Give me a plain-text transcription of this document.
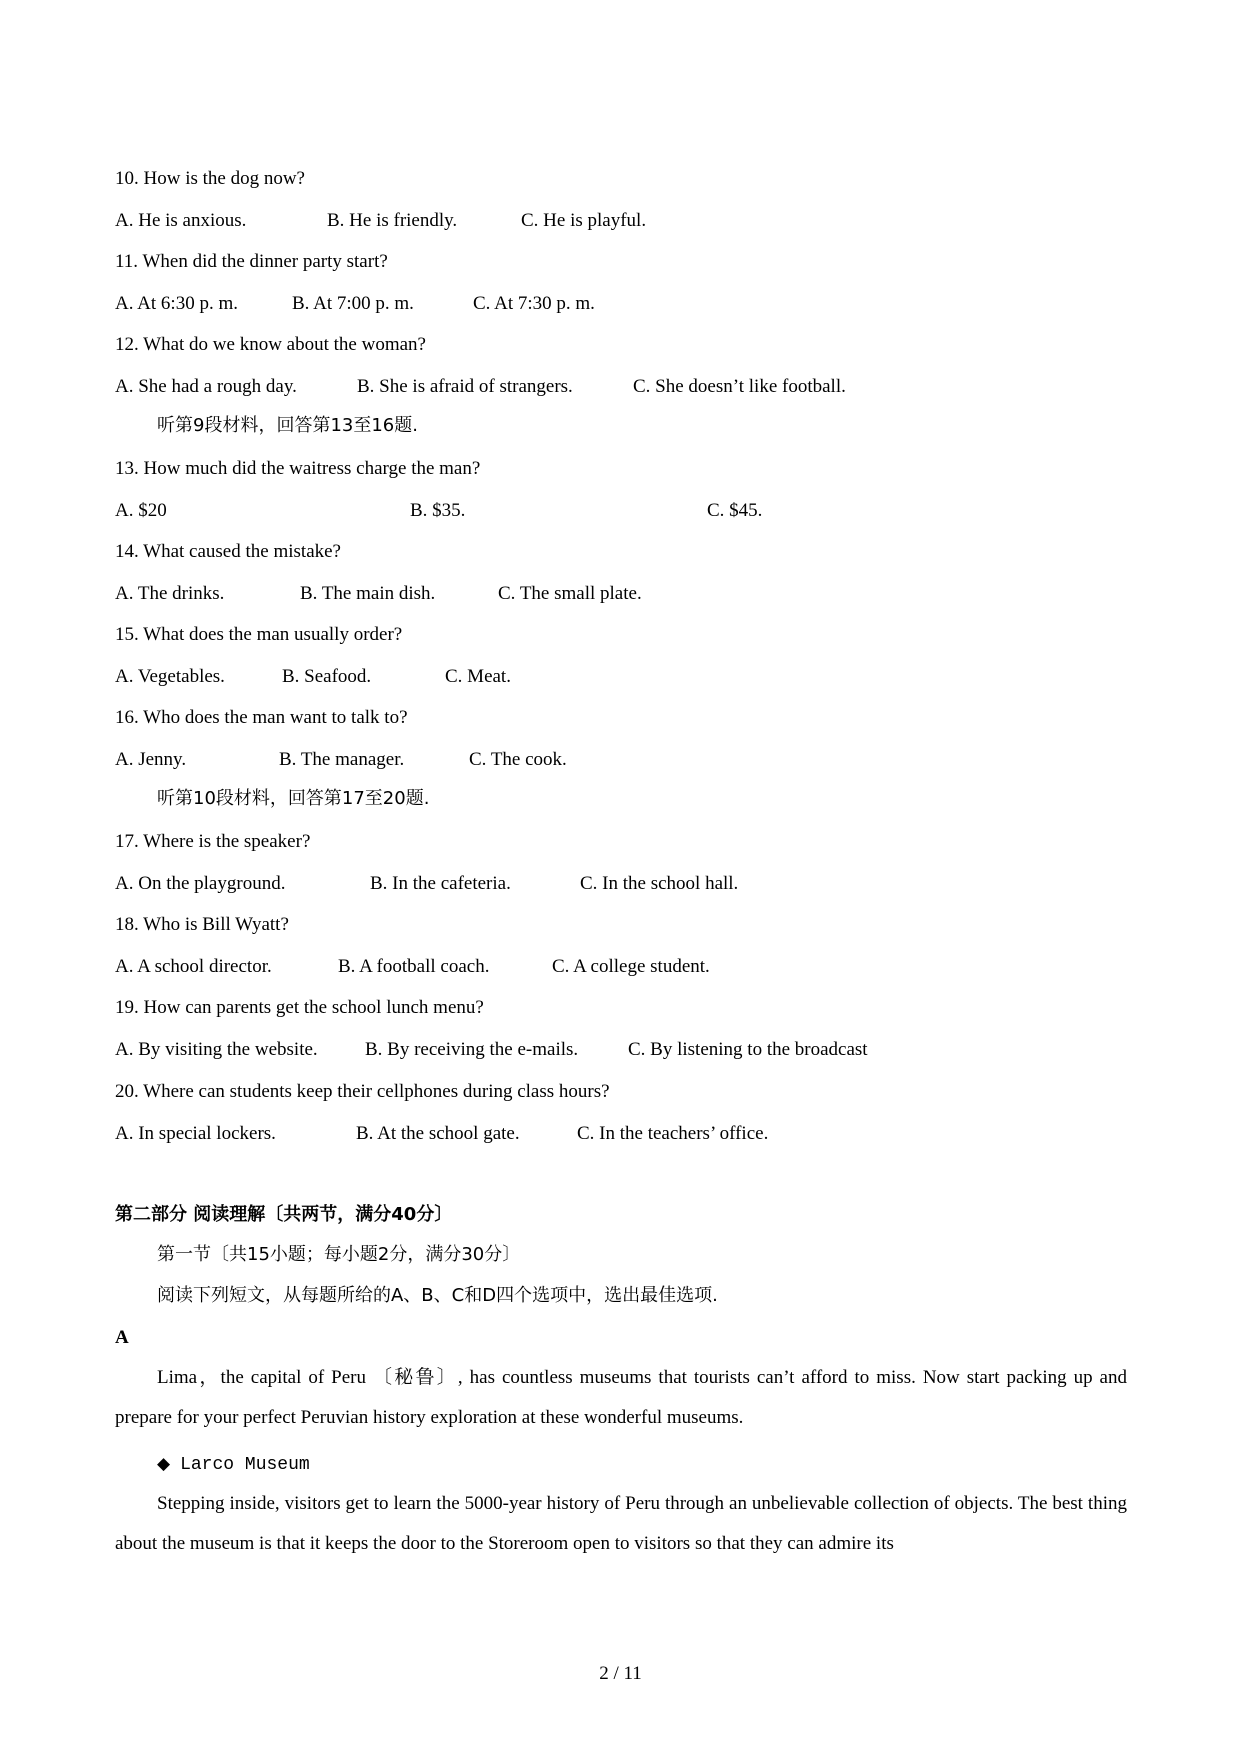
10. How is the dog now?
A. He is anxious.	B. He is friendly.	C. He is playful.
11. When did the dinner party start?
A. At 6:30 p. m.	B. At 7:00 p. m.	C. At 7:30 p. m.
12. What do we know about the woman?
A. She had a rough day.	B. She is afraid of strangers.	C. She doesn’t like football.
听第9段材料，回答第13至16题.
13. How much did the waitress charge the man?
A. $20	B. $35.	C. $45.
14. What caused the mistake?
A. The drinks.	B. The main dish.	C. The small plate.
15. What does the man usually order?
A. Vegetables.	B. Seafood.	C. Meat.
16. Who does the man want to talk to?
A. Jenny.	B. The manager.	C. The cook.
听第10段材料，回答第17至20题.
17. Where is the speaker?
A. On the playground.	B. In the cafeteria.	C. In the school hall.
18. Who is Bill Wyatt?
A. A school director.	B. A football coach.	C. A college student.
19. How can parents get the school lunch menu?
A. By visiting the website. B. By receiving the e-mails.	C. By listening to the broadcast
20. Where can students keep their cellphones during class hours?
A. In special lockers.	B. At the school gate.	C. In the teachers’ office.
第二部分 阅读理解〔共两节，满分40分〕
第一节〔共15小题；每小题2分，满分30分〕
阅读下列短文，从每题所给的A、B、C和D四个选项中，选出最佳选项.
A
Lima，the capital of Peru 〔秘鲁〕, has countless museums that tourists can’t afford to miss. Now start packing up and prepare for your perfect Peruvian history exploration at these wonderful museums.
◆ Larco Museum
Stepping inside, visitors get to learn the 5000-year history of Peru through an unbelievable collection of objects. The best thing about the museum is that it keeps the door to the Storeroom open to visitors so that they can admire its
2 / 11
